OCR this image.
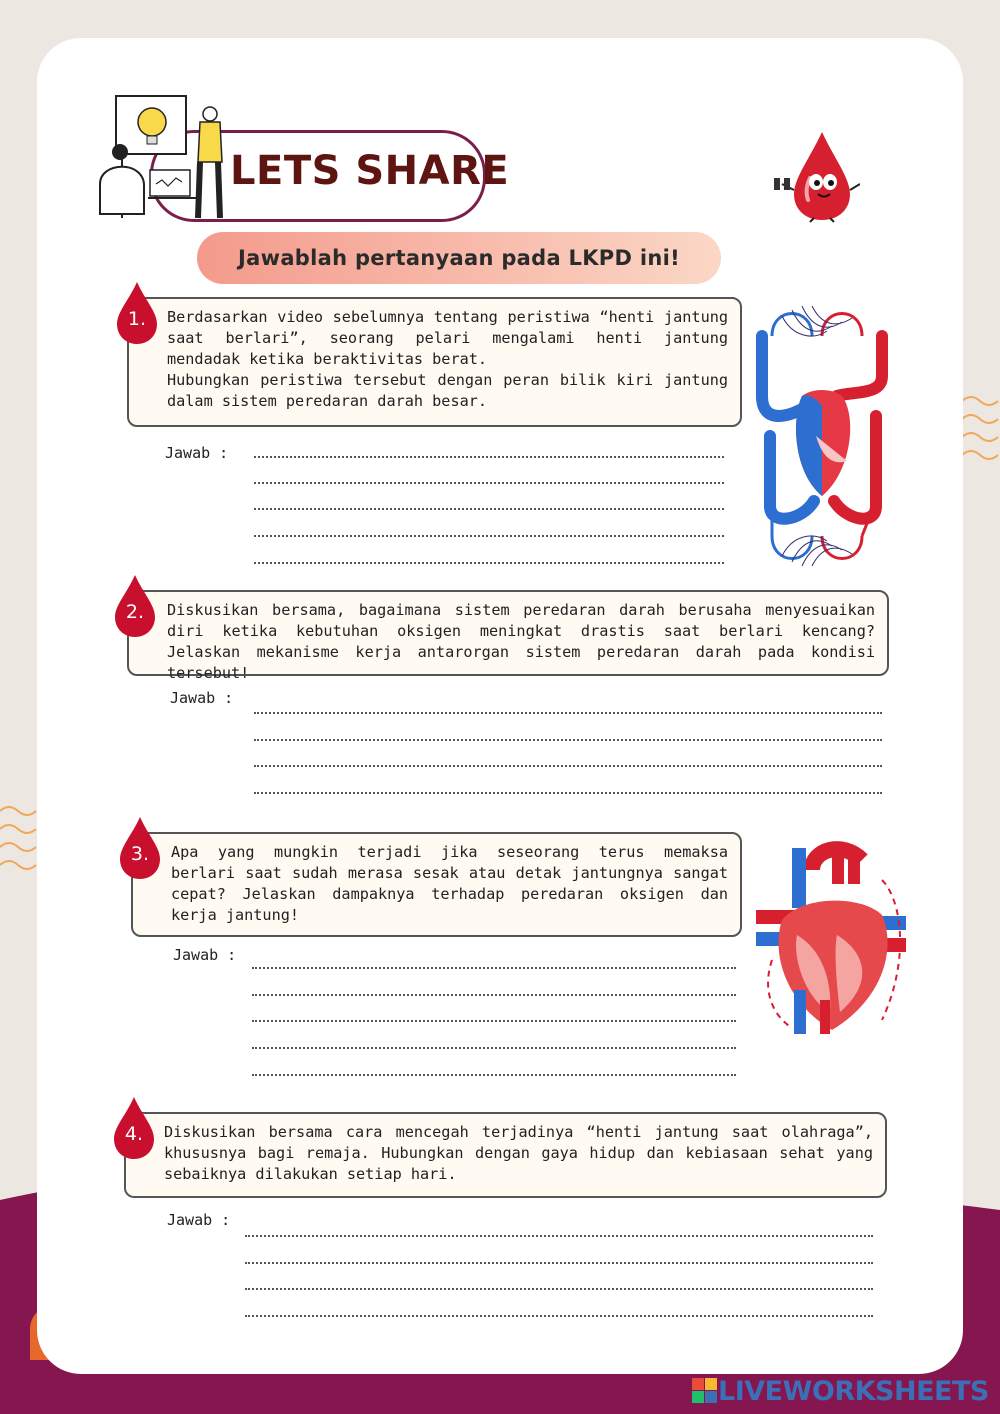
LETS SHARE
Jawablah pertanyaan pada LKPD ini!

Berdasarkan video sebelumnya tentang peristiwa “henti jantung saat berlari”, seorang pelari mengalami henti jantung mendadak ketika beraktivitas berat.

Hubungkan peristiwa tersebut dengan peran bilik kiri jantung dalam sistem peredaran darah besar.

1.
Jawab :

Diskusikan bersama, bagaimana sistem peredaran darah berusaha menyesuaikan diri ketika kebutuhan oksigen meningkat drastis saat berlari kencang? Jelaskan mekanisme kerja antarorgan sistem peredaran darah pada kondisi tersebut!

2.
Jawab :

Apa yang mungkin terjadi jika seseorang terus memaksa berlari saat sudah merasa sesak atau detak jantungnya sangat cepat? Jelaskan dampaknya terhadap peredaran oksigen dan kerja jantung!

3.
Jawab :

Diskusikan bersama cara mencegah terjadinya “henti jantung saat olahraga”, khususnya bagi remaja. Hubungkan dengan gaya hidup dan kebiasaan sehat yang sebaiknya dilakukan setiap hari.

4.
Jawab :
LIVEWORKSHEETS
